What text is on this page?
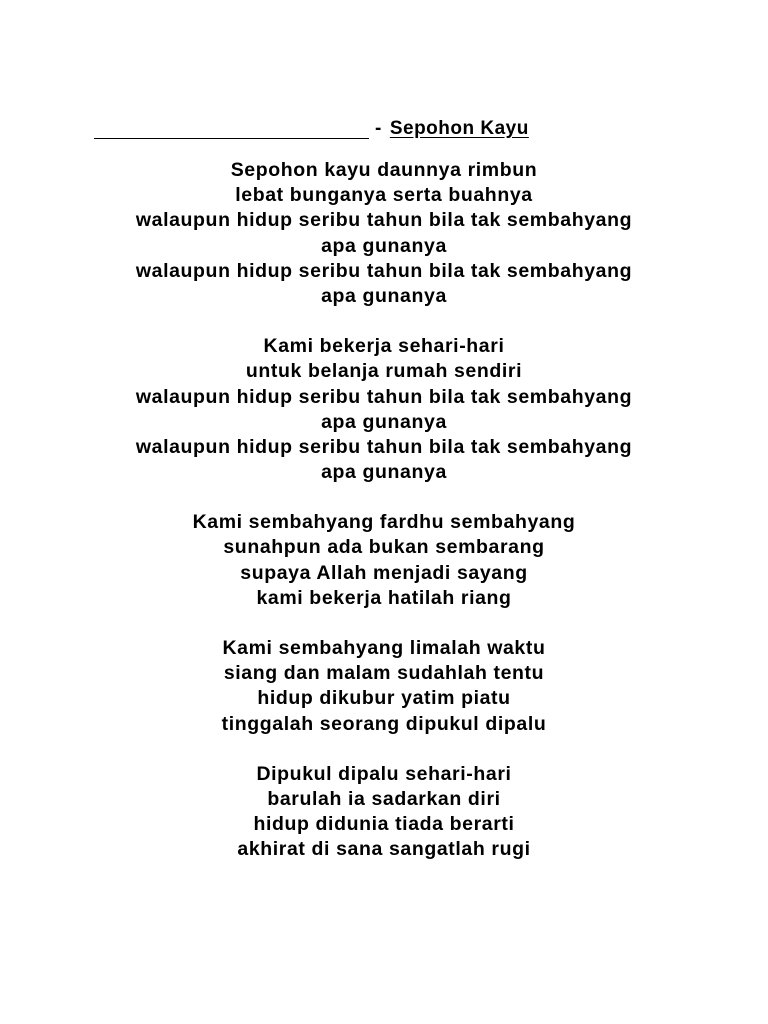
- Sepohon Kayu
Sepohon kayu daunnya rimbun
lebat bunganya serta buahnya
walaupun hidup seribu tahun bila tak sembahyang
apa gunanya
walaupun hidup seribu tahun bila tak sembahyang
apa gunanya
Kami bekerja sehari-hari
untuk belanja rumah sendiri
walaupun hidup seribu tahun bila tak sembahyang
apa gunanya
walaupun hidup seribu tahun bila tak sembahyang
apa gunanya
Kami sembahyang fardhu sembahyang
sunahpun ada bukan sembarang
supaya Allah menjadi sayang
kami bekerja hatilah riang
Kami sembahyang limalah waktu
siang dan malam sudahlah tentu
hidup dikubur yatim piatu
tinggalah seorang dipukul dipalu
Dipukul dipalu sehari-hari
barulah ia sadarkan diri
hidup didunia tiada berarti
akhirat di sana sangatlah rugi
